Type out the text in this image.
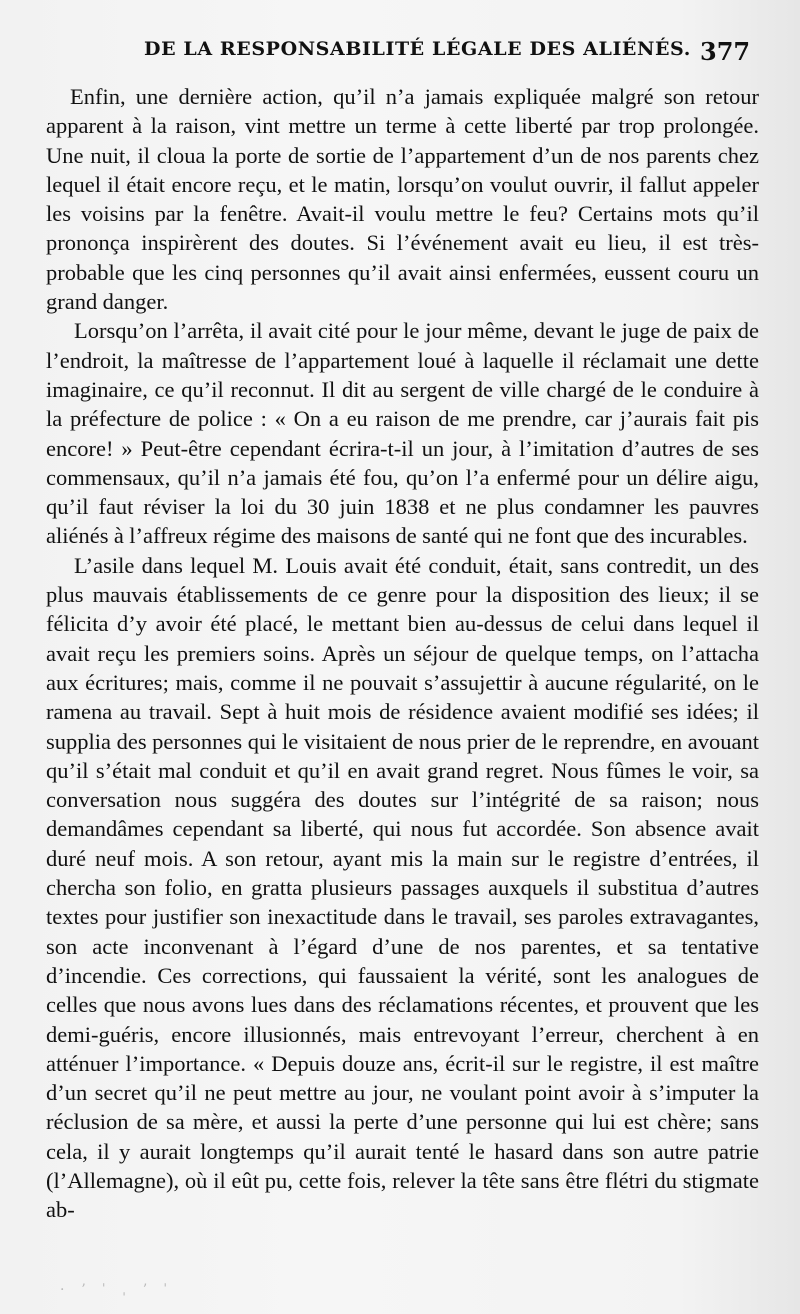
DE LA RESPONSABILITÉ LÉGALE DES ALIÉNÉS. 377

Enfin, une dernière action, qu’il n’a jamais expliquée malgré son retour apparent à la raison, vint mettre un terme à cette liberté par trop prolongée. Une nuit, il cloua la porte de sortie de l’appartement d’un de nos parents chez lequel il était encore reçu, et le matin, lorsqu’on voulut ouvrir, il fallut appeler les voisins par la fenêtre. Avait-il voulu mettre le feu? Certains mots qu’il prononça inspirèrent des doutes. Si l’événement avait eu lieu, il est très-probable que les cinq personnes qu’il avait ainsi enfermées, eussent couru un grand danger.

Lorsqu’on l’arrêta, il avait cité pour le jour même, devant le juge de paix de l’endroit, la maîtresse de l’appartement loué à laquelle il réclamait une dette imaginaire, ce qu’il reconnut. Il dit au sergent de ville chargé de le conduire à la préfecture de police : « On a eu raison de me prendre, car j’aurais fait pis encore! » Peut-être cependant écrira-t-il un jour, à l’imitation d’autres de ses commensaux, qu’il n’a jamais été fou, qu’on l’a enfermé pour un délire aigu, qu’il faut réviser la loi du 30 juin 1838 et ne plus condamner les pauvres aliénés à l’affreux régime des maisons de santé qui ne font que des incurables.

L’asile dans lequel M. Louis avait été conduit, était, sans contredit, un des plus mauvais établissements de ce genre pour la disposition des lieux; il se félicita d’y avoir été placé, le mettant bien au-dessus de celui dans lequel il avait reçu les premiers soins. Après un séjour de quelque temps, on l’attacha aux écritures; mais, comme il ne pouvait s’assujettir à aucune régularité, on le ramena au travail. Sept à huit mois de résidence avaient modifié ses idées; il supplia des personnes qui le visitaient de nous prier de le reprendre, en avouant qu’il s’était mal conduit et qu’il en avait grand regret. Nous fûmes le voir, sa conversation nous suggéra des doutes sur l’intégrité de sa raison; nous demandâmes cependant sa liberté, qui nous fut accordée. Son absence avait duré neuf mois. A son retour, ayant mis la main sur le registre d’entrées, il chercha son folio, en gratta plusieurs passages auxquels il substitua d’autres textes pour justifier son inexactitude dans le travail, ses paroles extravagantes, son acte inconvenant à l’égard d’une de nos parentes, et sa tentative d’incendie. Ces corrections, qui faussaient la vérité, sont les analogues de celles que nous avons lues dans des réclamations récentes, et prouvent que les demi-guéris, encore illusionnés, mais entrevoyant l’erreur, cherchent à en atténuer l’importance. « Depuis douze ans, écrit-il sur le registre, il est maître d’un secret qu’il ne peut mettre au jour, ne voulant point avoir à s’imputer la réclusion de sa mère, et aussi la perte d’une personne qui lui est chère; sans cela, il y aurait longtemps qu’il aurait tenté le hasard dans son autre patrie (l’Allemagne), où il eût pu, cette fois, relever la tête sans être flétri du stigmate ab-

· ʼ ˈ ˌ ʼ ˈ
